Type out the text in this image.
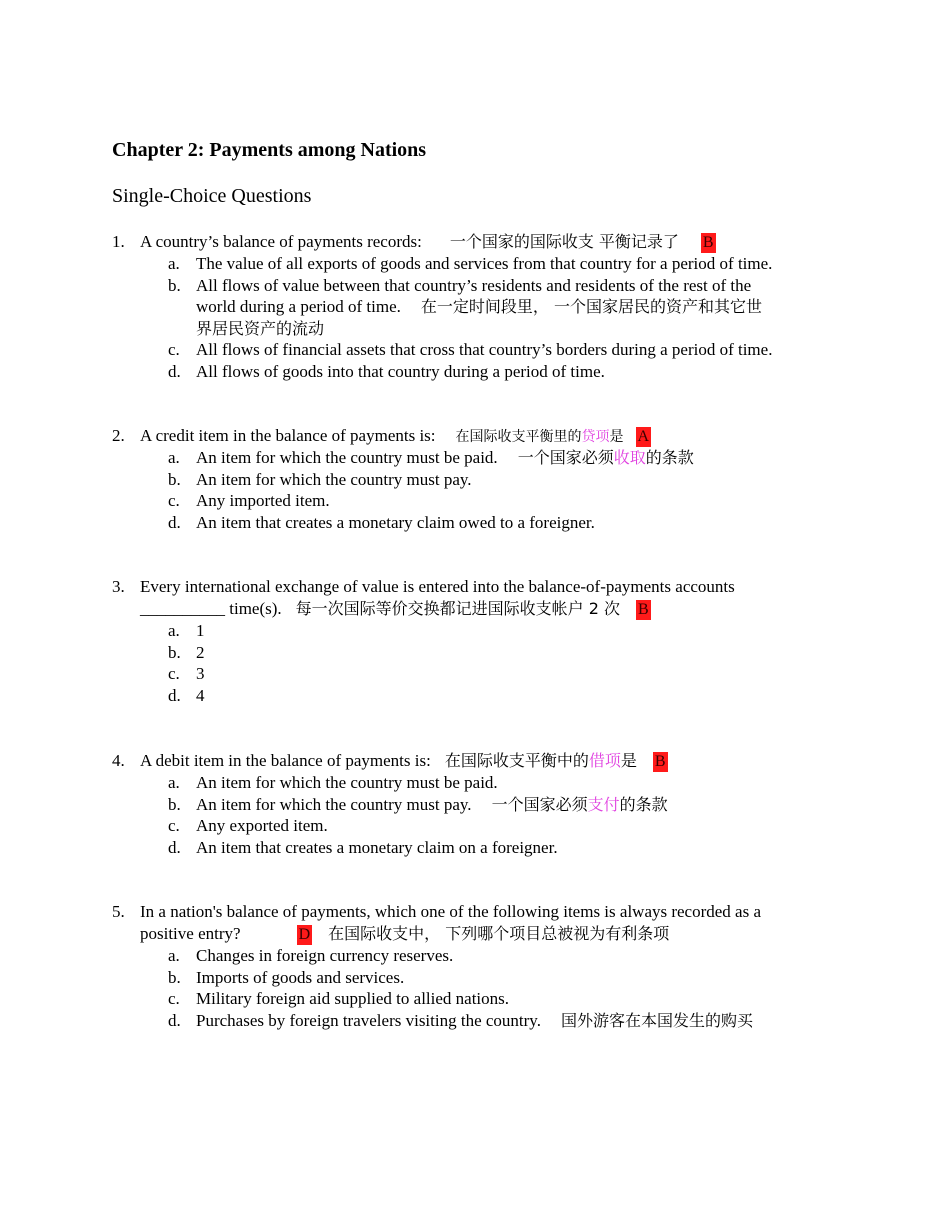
Chapter 2: Payments among Nations
Single-Choice Questions
1. A country’s balance of payments records: 一个国家的国际收支 平衡记录了 B
a. The value of all exports of goods and services from that country for a period of time.
b. All flows of value between that country’s residents and residents of the rest of the
world during a period of time. 在一定时间段里， 一个国家居民的资产和其它世
界居民资产的流动
c. All flows of financial assets that cross that country’s borders during a period of time.
d. All flows of goods into that country during a period of time.
2. A credit item in the balance of payments is: 在国际收支平衡里的贷项是 A
a. An item for which the country must be paid. 一个国家必须收取的条款
b. An item for which the country must pay.
c. Any imported item.
d. An item that creates a monetary claim owed to a foreigner.
3. Every international exchange of value is entered into the balance-of-payments accounts
__________ time(s). 每一次国际等价交换都记进国际收支帐户 2 次 B
a. 1
b. 2
c. 3
d. 4
4. A debit item in the balance of payments is: 在国际收支平衡中的借项是 B
a. An item for which the country must be paid.
b. An item for which the country must pay. 一个国家必须支付的条款
c. Any exported item.
d. An item that creates a monetary claim on a foreigner.
5. In a nation's balance of payments, which one of the following items is always recorded as a
positive entry?	D 在国际收支中， 下列哪个项目总被视为有利条项
a. Changes in foreign currency reserves.
b. Imports of goods and services.
c. Military foreign aid supplied to allied nations.
d. Purchases by foreign travelers visiting the country. 国外游客在本国发生的购买
